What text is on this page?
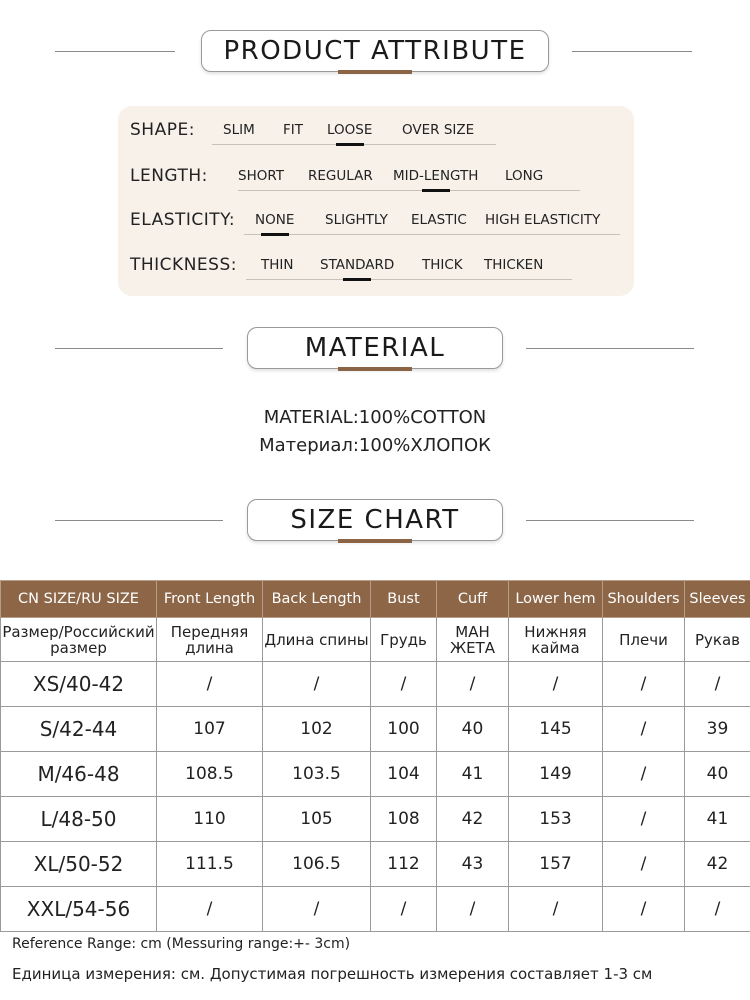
PRODUCT ATTRIBUTE
SHAPE: SLIM FIT LOOSE OVER SIZE
LENGTH: SHORT REGULAR MID-LENGTH LONG
ELASTICITY: NONE SLIGHTLY ELASTIC HIGH ELASTICITY
THICKNESS: THIN STANDARD THICK THICKEN
MATERIAL
MATERIAL:100%COTTON
Материал:100%ХЛОПОК
SIZE CHART
CN SIZE/RU SIZE	Front Length	Back Length	Bust	Cuff	Lower hem	Shoulders	Sleeves
Размер/Российский размер	Передняя длина	Длина спины	Грудь	МАН ЖЕТА	Нижняя кайма	Плечи	Рукав
XS/40-42	/	/	/	/	/	/	/
S/42-44	107	102	100	40	145	/	39
M/46-48	108.5	103.5	104	41	149	/	40
L/48-50	110	105	108	42	153	/	41
XL/50-52	111.5	106.5	112	43	157	/	42
XXL/54-56	/	/	/	/	/	/	/
Reference Range: cm (Messuring range:+- 3cm)
Единица измерения: см. Допустимая погрешность измерения составляет 1-3 см
